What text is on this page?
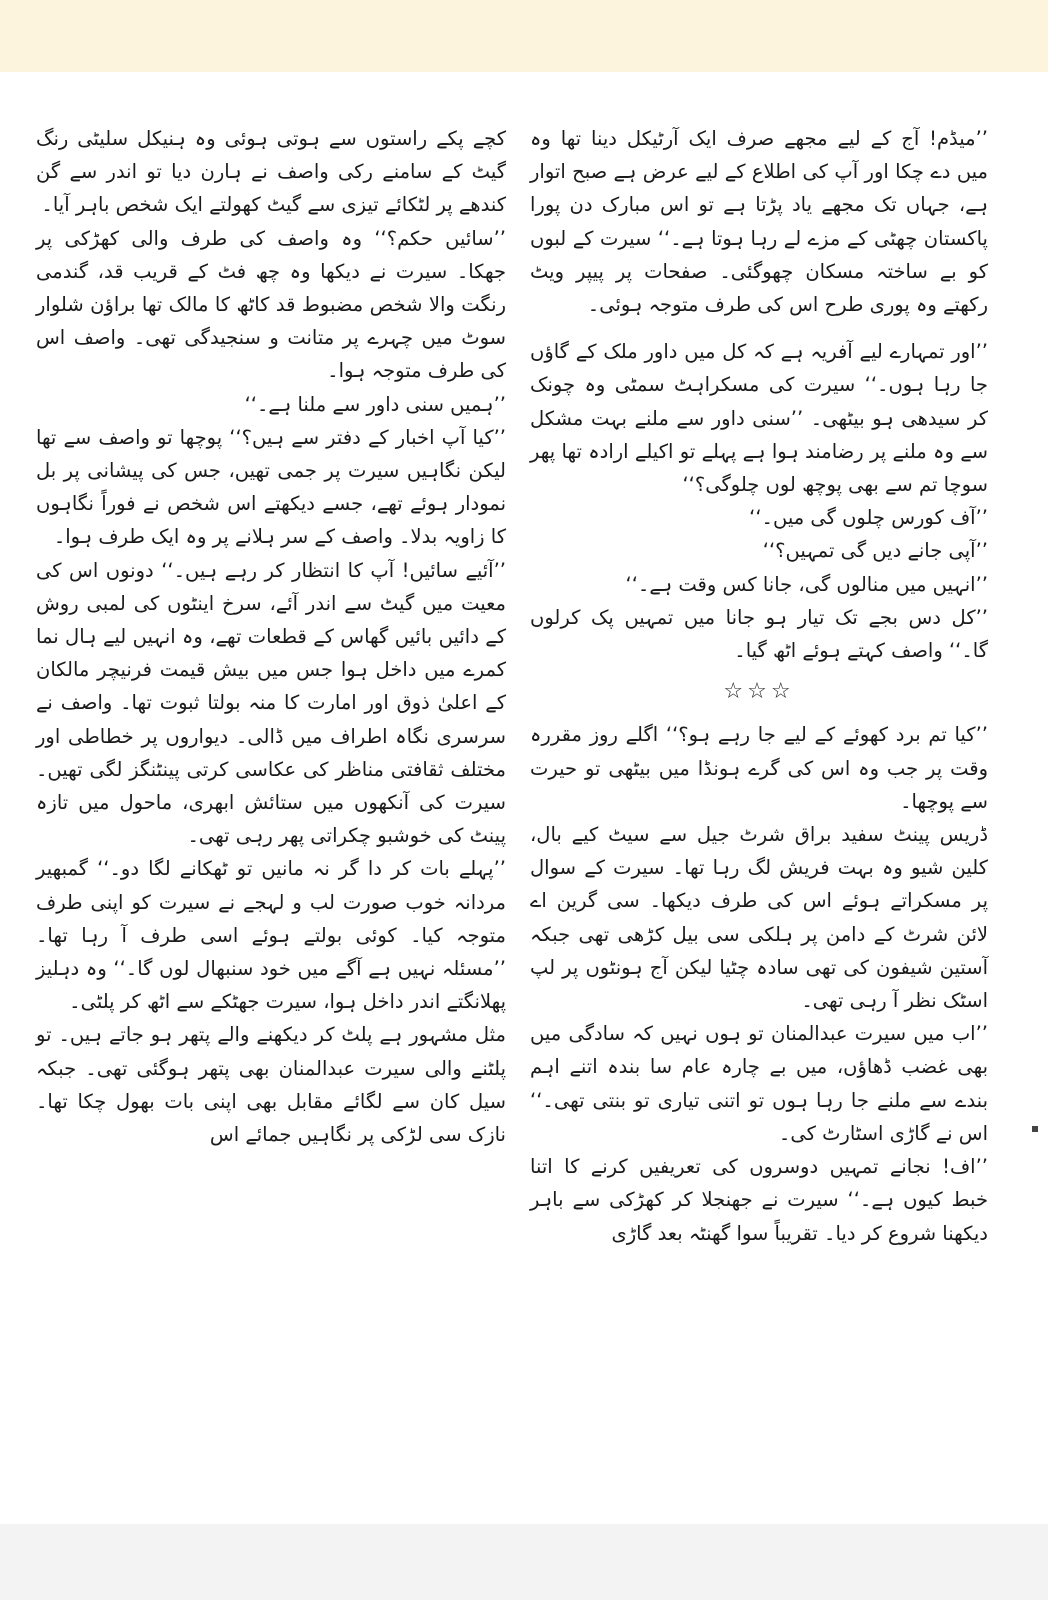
’’میڈم! آج کے لیے مجھے صرف ایک آرٹیکل دینا تھا وہ میں دے چکا اور آپ کی اطلاع کے لیے عرض ہے صبح اتوار ہے، جہاں تک مجھے یاد پڑتا ہے تو اس مبارک دن پورا پاکستان چھٹی کے مزے لے رہا ہوتا ہے۔‘‘ سیرت کے لبوں کو بے ساختہ مسکان چھوگئی۔ صفحات پر پیپر ویٹ رکھتے وہ پوری طرح اس کی طرف متوجہ ہوئی۔

’’اور تمہارے لیے آفریہ ہے کہ کل میں داور ملک کے گاؤں جا رہا ہوں۔‘‘ سیرت کی مسکراہٹ سمٹی وہ چونک کر سیدھی ہو بیٹھی۔ ’’سنی داور سے ملنے بہت مشکل سے وہ ملنے پر رضامند ہوا ہے پہلے تو اکیلے ارادہ تھا پھر سوچا تم سے بھی پوچھ لوں چلوگی؟‘‘

’’آف کورس چلوں گی میں۔‘‘

’’آپی جانے دیں گی تمہیں؟‘‘

’’انہیں میں منالوں گی، جانا کس وقت ہے۔‘‘

’’کل دس بجے تک تیار ہو جانا میں تمہیں پک کرلوں گا۔‘‘ واصف کہتے ہوئے اٹھ گیا۔

☆☆☆

’’کیا تم برد کھوئے کے لیے جا رہے ہو؟‘‘ اگلے روز مقررہ وقت پر جب وہ اس کی گرے ہونڈا میں بیٹھی تو حیرت سے پوچھا۔

ڈریس پینٹ سفید براق شرٹ جیل سے سیٹ کیے بال، کلین شیو وہ بہت فریش لگ رہا تھا۔ سیرت کے سوال پر مسکراتے ہوئے اس کی طرف دیکھا۔ سی گرین اے لائن شرٹ کے دامن پر ہلکی سی بیل کڑھی تھی جبکہ آستین شیفون کی تھی سادہ چٹیا لیکن آج ہونٹوں پر لپ اسٹک نظر آ رہی تھی۔

’’اب میں سیرت عبدالمنان تو ہوں نہیں کہ سادگی میں بھی غضب ڈھاؤں، میں بے چارہ عام سا بندہ اتنے اہم بندے سے ملنے جا رہا ہوں تو اتنی تیاری تو بنتی تھی۔‘‘ اس نے گاڑی اسٹارٹ کی۔

’’اف! نجانے تمہیں دوسروں کی تعریفیں کرنے کا اتنا خبط کیوں ہے۔‘‘ سیرت نے جھنجلا کر کھڑکی سے باہر دیکھنا شروع کر دیا۔ تقریباً سوا گھنٹہ بعد گاڑی

کچے پکے راستوں سے ہوتی ہوئی وہ ہنیکل سلیٹی رنگ گیٹ کے سامنے رکی واصف نے ہارن دیا تو اندر سے گن کندھے پر لٹکائے تیزی سے گیٹ کھولتے ایک شخص باہر آیا۔

’’سائیں حکم؟‘‘ وہ واصف کی طرف والی کھڑکی پر جھکا۔ سیرت نے دیکھا وہ چھ فٹ کے قریب قد، گندمی رنگت والا شخص مضبوط قد کاٹھ کا مالک تھا براؤن شلوار سوٹ میں چہرے پر متانت و سنجیدگی تھی۔ واصف اس کی طرف متوجہ ہوا۔

’’ہمیں سنی داور سے ملنا ہے۔‘‘

’’کیا آپ اخبار کے دفتر سے ہیں؟‘‘ پوچھا تو واصف سے تھا لیکن نگاہیں سیرت پر جمی تھیں، جس کی پیشانی پر بل نمودار ہوئے تھے، جسے دیکھتے اس شخص نے فوراً نگاہوں کا زاویہ بدلا۔ واصف کے سر ہلانے پر وہ ایک طرف ہوا۔

’’آئیے سائیں! آپ کا انتظار کر رہے ہیں۔‘‘ دونوں اس کی معیت میں گیٹ سے اندر آئے، سرخ اینٹوں کی لمبی روش کے دائیں بائیں گھاس کے قطعات تھے، وہ انہیں لیے ہال نما کمرے میں داخل ہوا جس میں بیش قیمت فرنیچر مالکان کے اعلیٰ ذوق اور امارت کا منہ بولتا ثبوت تھا۔ واصف نے سرسری نگاہ اطراف میں ڈالی۔ دیواروں پر خطاطی اور مختلف ثقافتی مناظر کی عکاسی کرتی پینٹنگز لگی تھیں۔ سیرت کی آنکھوں میں ستائش ابھری، ماحول میں تازہ پینٹ کی خوشبو چکراتی پھر رہی تھی۔

’’پہلے بات کر دا گر نہ مانیں تو ٹھکانے لگا دو۔‘‘ گمبھیر مردانہ خوب صورت لب و لہجے نے سیرت کو اپنی طرف متوجہ کیا۔ کوئی بولتے ہوئے اسی طرف آ رہا تھا۔ ’’مسئلہ نہیں ہے آگے میں خود سنبھال لوں گا۔‘‘ وہ دہلیز پھلانگتے اندر داخل ہوا، سیرت جھٹکے سے اٹھ کر پلٹی۔

مثل مشہور ہے پلٹ کر دیکھنے والے پتھر ہو جاتے ہیں۔ تو پلٹنے والی سیرت عبدالمنان بھی پتھر ہوگئی تھی۔ جبکہ سیل کان سے لگائے مقابل بھی اپنی بات بھول چکا تھا۔ نازک سی لڑکی پر نگاہیں جمائے اس
